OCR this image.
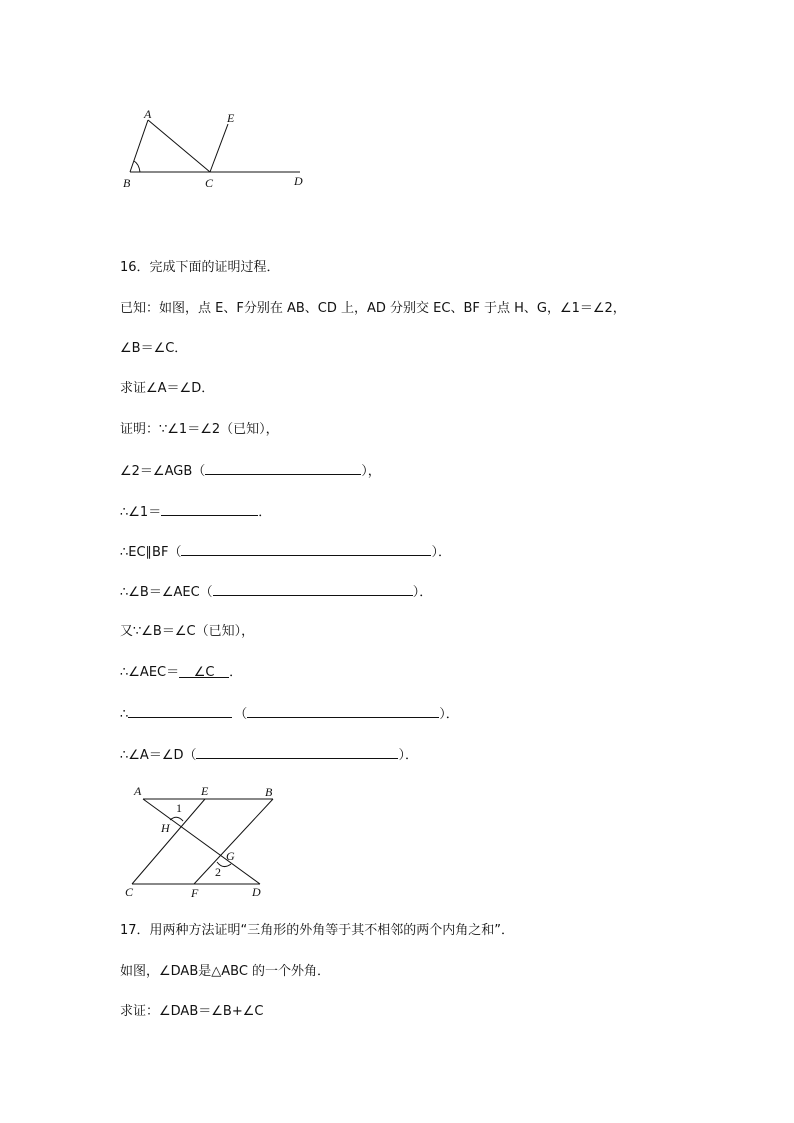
A	E
B	C	D
16．完成下面的证明过程．
已知：如图，点 E、F分别在 AB、CD 上，AD 分别交 EC、BF 于点 H、G，∠1＝∠2，
∠B＝∠C．
求证∠A＝∠D．
证明：∵∠1＝∠2（已知），
∠2＝∠AGB（	），
∴∠1＝	．
∴EC∥BF（	）．
∴∠B＝∠AEC（	）．
又∵∠B＝∠C（已知），
∴∠AEC＝ ∠C ．
∴	（	）．
∴∠A＝∠D（	）．
A	E	B
1
H
G
2
C	F	D
17．用两种方法证明“三角形的外角等于其不相邻的两个内角之和”．
如图，∠DAB是△ABC 的一个外角．
求证：∠DAB＝∠B+∠C
